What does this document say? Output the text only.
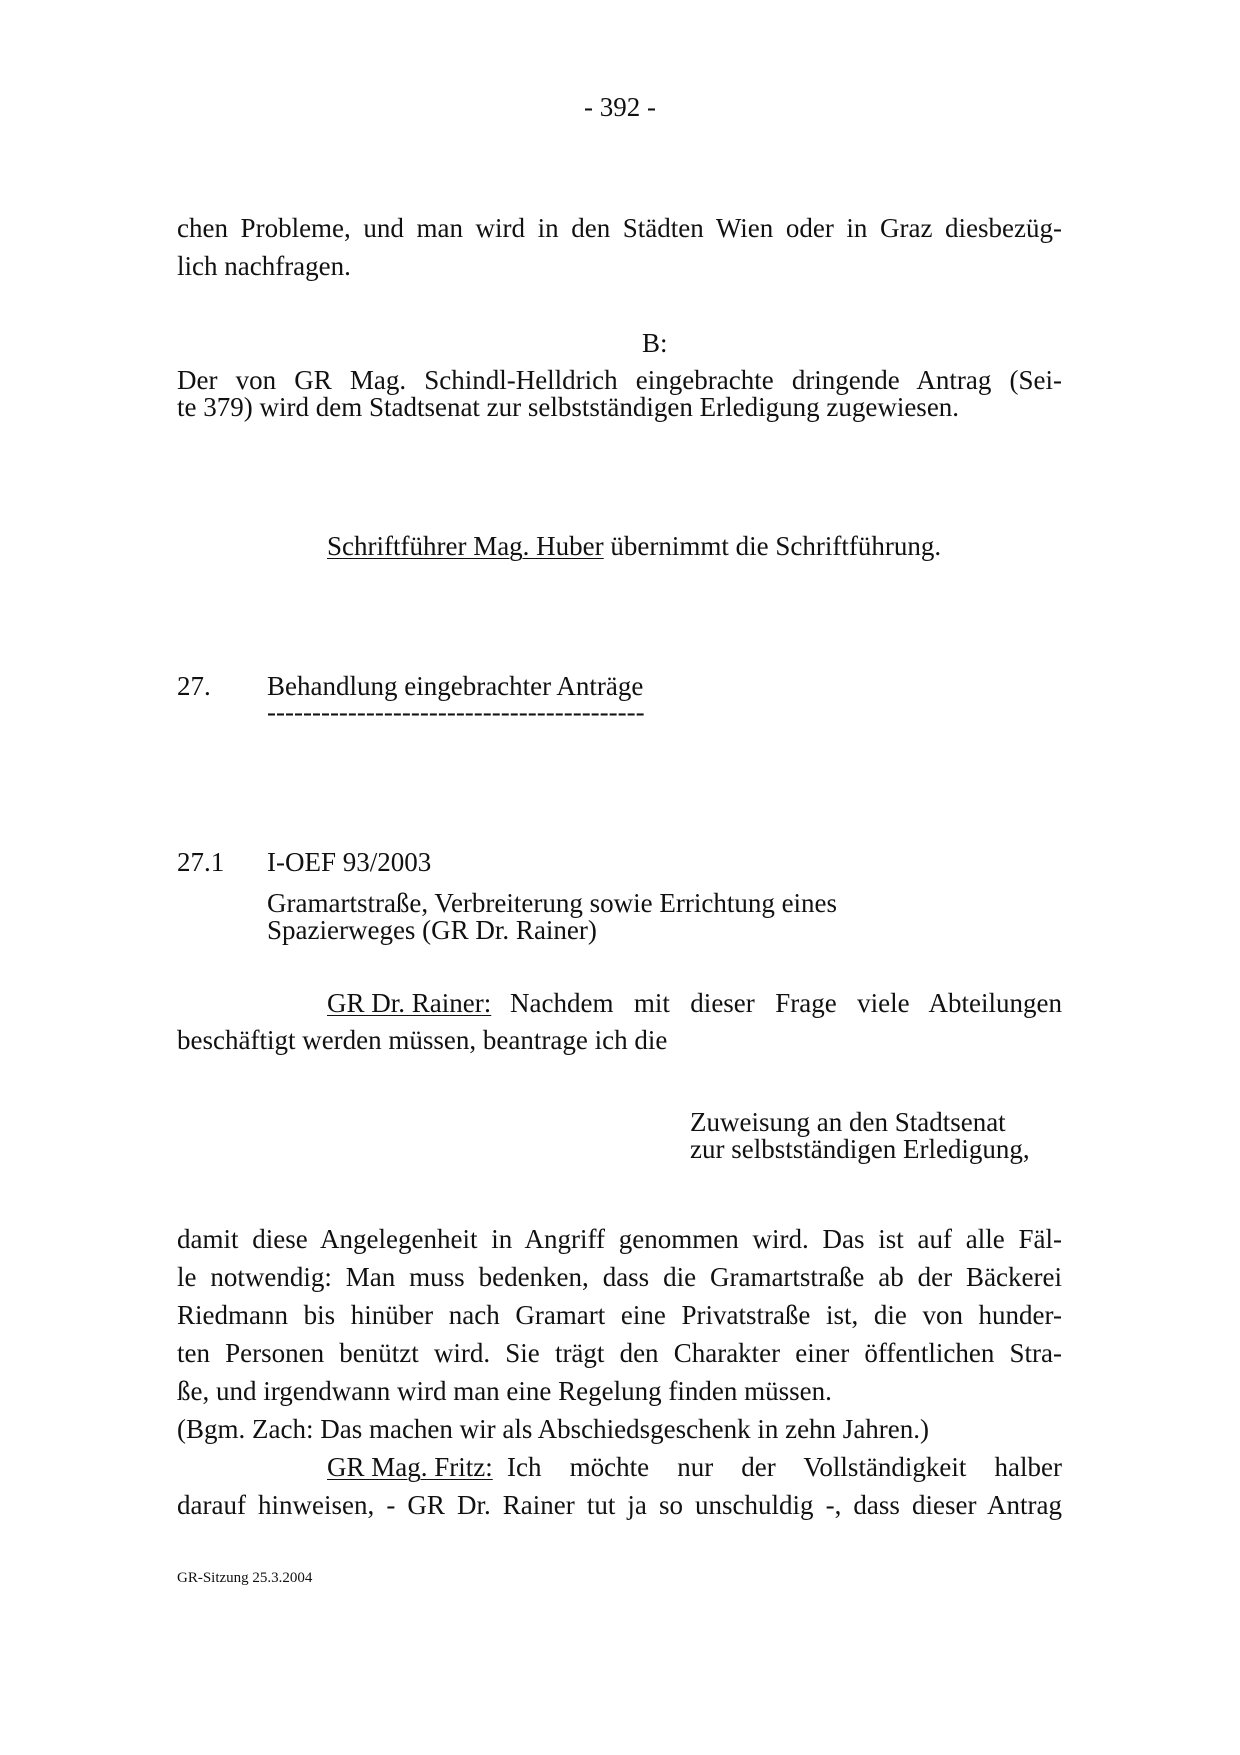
- 392 -

chen Probleme, und man wird in den Städten Wien oder in Graz diesbezüg-

lich nachfragen.

B:

Der von GR Mag. Schindl-Helldrich eingebrachte dringende Antrag (Sei-

te 379) wird dem Stadtsenat zur selbstständigen Erledigung zugewiesen.

Schriftführer Mag. Huber übernimmt die Schriftführung.

27. Behandlung eingebrachter Anträge

------------------------------------------

27.1 I-OEF 93/2003

Gramartstraße, Verbreiterung sowie Errichtung eines

Spazierweges (GR Dr. Rainer)

GR Dr. Rainer: Nachdem mit dieser Frage viele Abteilungen

beschäftigt werden müssen, beantrage ich die

Zuweisung an den Stadtsenat

zur selbstständigen Erledigung,

damit diese Angelegenheit in Angriff genommen wird. Das ist auf alle Fäl-

le notwendig: Man muss bedenken, dass die Gramartstraße ab der Bäckerei

Riedmann bis hinüber nach Gramart eine Privatstraße ist, die von hunder-

ten Personen benützt wird. Sie trägt den Charakter einer öffentlichen Stra-

ße, und irgendwann wird man eine Regelung finden müssen.

(Bgm. Zach: Das machen wir als Abschiedsgeschenk in zehn Jahren.)

GR Mag. Fritz: Ich möchte nur der Vollständigkeit halber

darauf hinweisen, - GR Dr. Rainer tut ja so unschuldig -, dass dieser Antrag

GR-Sitzung 25.3.2004
